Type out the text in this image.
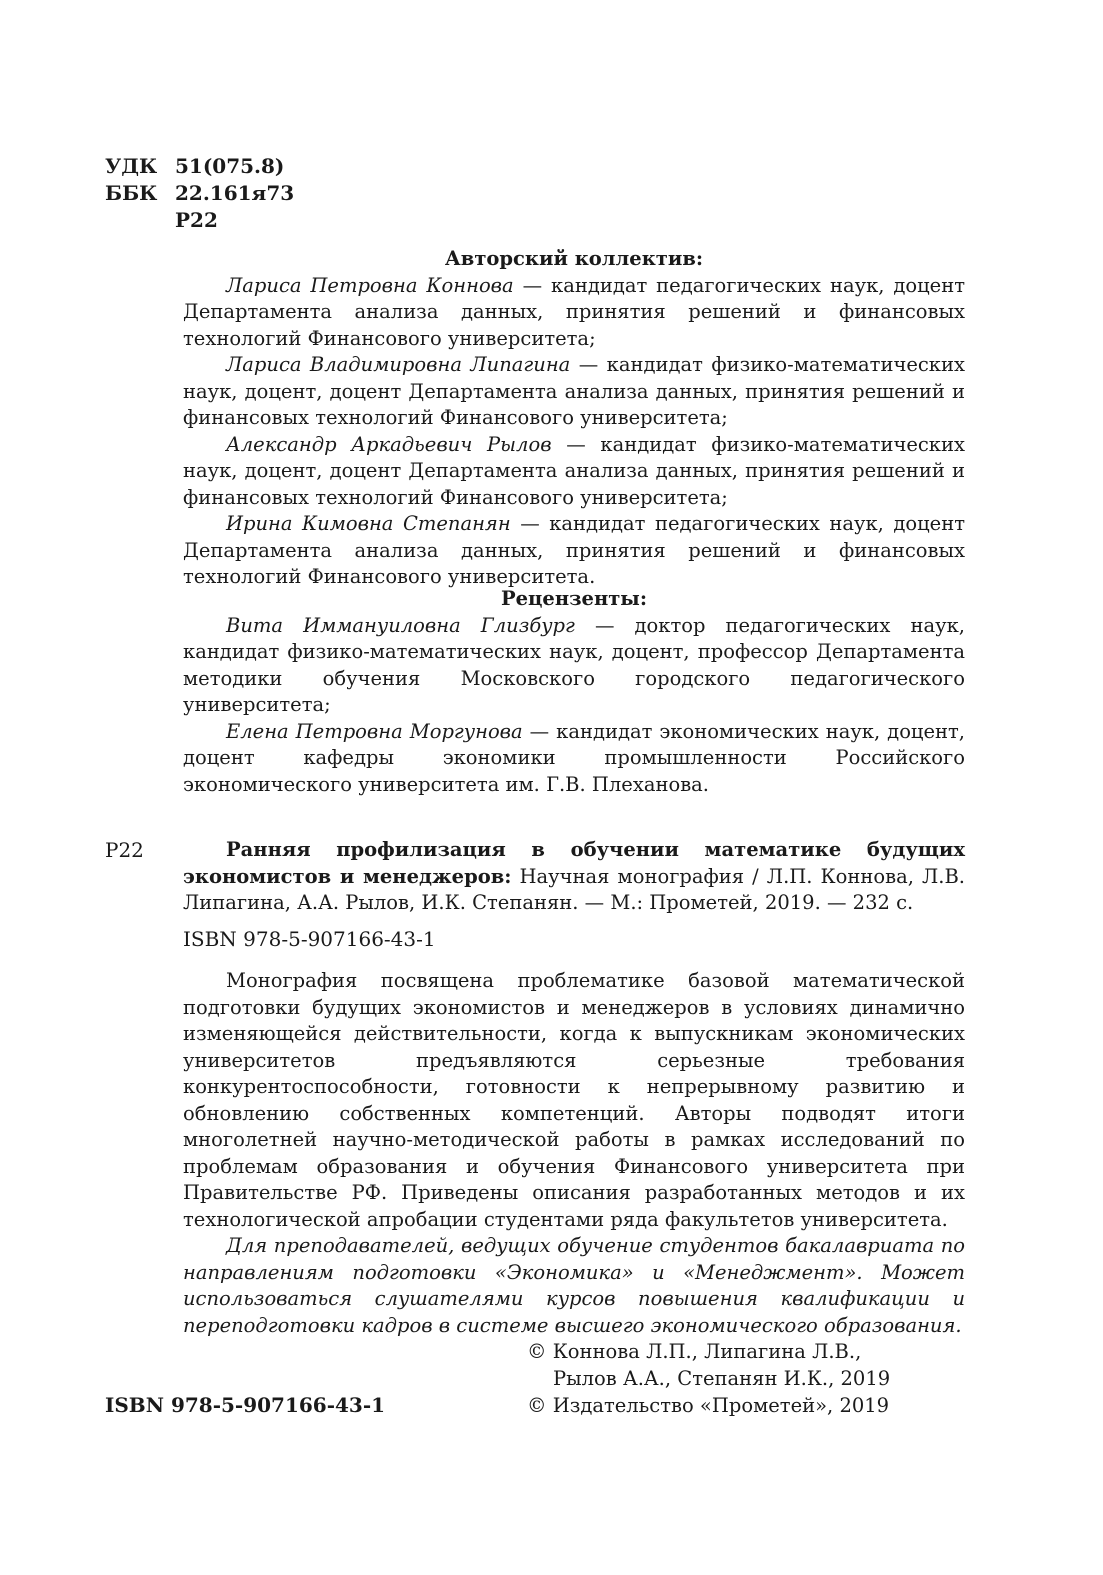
УДК 51(075.8)
ББК 22.161я73
Р22

Авторский коллектив:

Лариса Петровна Коннова — кандидат педагогических наук, доцент Департамента анализа данных, принятия решений и финансовых технологий Финансового университета;

Лариса Владимировна Липагина — кандидат физико-математических наук, доцент, доцент Департамента анализа данных, принятия решений и финансовых технологий Финансового университета;

Александр Аркадьевич Рылов — кандидат физико-математических наук, доцент, доцент Департамента анализа данных, принятия решений и финансовых технологий Финансового университета;

Ирина Кимовна Степанян — кандидат педагогических наук, доцент Департамента анализа данных, принятия решений и финансовых технологий Финансового университета.

Рецензенты:

Вита Иммануиловна Глизбург — доктор педагогических наук, кандидат физико-математических наук, доцент, профессор Департамента методики обучения Московского городского педагогического университета;

Елена Петровна Моргунова — кандидат экономических наук, доцент, доцент кафедры экономики промышленности Российского экономического университета им. Г.В. Плеханова.

Р22	Ранняя профилизация в обучении математике будущих экономистов и менеджеров: Научная монография / Л.П. Коннова, Л.В. Липагина, А.А. Рылов, И.К. Степанян. — М.: Прометей, 2019. — 232 с.

ISBN 978-5-907166-43-1

Монография посвящена проблематике базовой математической подготовки будущих экономистов и менеджеров в условиях динамично изменяющейся действительности, когда к выпускникам экономических университетов предъявляются серьезные требования конкурентоспособности, готовности к непрерывному развитию и обновлению собственных компетенций. Авторы подводят итоги многолетней научно-методической работы в рамках исследований по проблемам образования и обучения Финансового университета при Правительстве РФ. Приведены описания разработанных методов и их технологической апробации студентами ряда факультетов университета.

Для преподавателей, ведущих обучение студентов бакалавриата по направлениям подготовки «Экономика» и «Менеджмент». Может использоваться слушателями курсов повышения квалификации и переподготовки кадров в системе высшего экономического образования.

© Коннова Л.П., Липагина Л.В.,
Рылов А.А., Степанян И.К., 2019
© Издательство «Прометей», 2019
ISBN 978-5-907166-43-1
